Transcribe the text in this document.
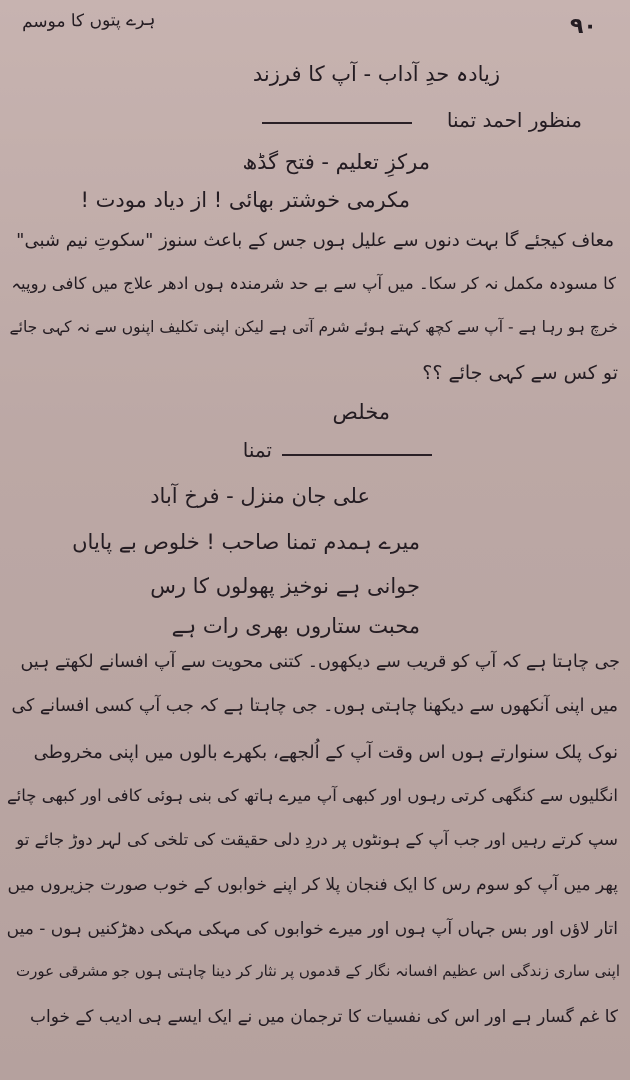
ہرے پتوں کا موسم	۹۰
زیادہ حدِ آداب - آپ کا فرزند
منظور احمد تمنا
مرکزِ تعلیم - فتح گڈھ
مکرمی خوشتر بھائی ! از دیاد مودت !
معاف کیجئے گا بہت دنوں سے علیل ہوں جس کے باعث سنوز "سکوتِ نیم شبی"
کا مسودہ مکمل نہ کر سکا۔ میں آپ سے بے حد شرمندہ ہوں ادھر علاج میں کافی روپیہ
خرچ ہو رہا ہے - آپ سے کچھ کہتے ہوئے شرم آتی ہے لیکن اپنی تکلیف اپنوں سے نہ کہی جائے
تو کس سے کہی جائے ؟؟
مخلص
تمنا
علی جان منزل - فرخ آباد
میرے ہمدم تمنا صاحب ! خلوص بے پایاں
جوانی ہے نوخیز پھولوں کا رس
محبت ستاروں بھری رات ہے
جی چاہتا ہے کہ آپ کو قریب سے دیکھوں۔ کتنی محویت سے آپ افسانے لکھتے ہیں
میں اپنی آنکھوں سے دیکھنا چاہتی ہوں۔ جی چاہتا ہے کہ جب آپ کسی افسانے کی
نوک پلک سنوارتے ہوں اس وقت آپ کے اُلجھے، بکھرے بالوں میں اپنی مخروطی
انگلیوں سے کنگھی کرتی رہوں اور کبھی آپ میرے ہاتھ کی بنی ہوئی کافی اور کبھی چائے
سپ کرتے رہیں اور جب آپ کے ہونٹوں پر دردِ دلی حقیقت کی تلخی کی لہر دوڑ جائے تو
پھر میں آپ کو سوم رس کا ایک فنجان پلا کر اپنے خوابوں کے خوب صورت جزیروں میں
اتار لاؤں اور بس جہاں آپ ہوں اور میرے خوابوں کی مہکی مہکی دھڑکنیں ہوں - میں
اپنی ساری زندگی اس عظیم افسانہ نگار کے قدموں پر نثار کر دینا چاہتی ہوں جو مشرقی عورت
کا غم گسار ہے اور اس کی نفسیات کا ترجمان میں نے ایک ایسے ہی ادیب کے خواب
